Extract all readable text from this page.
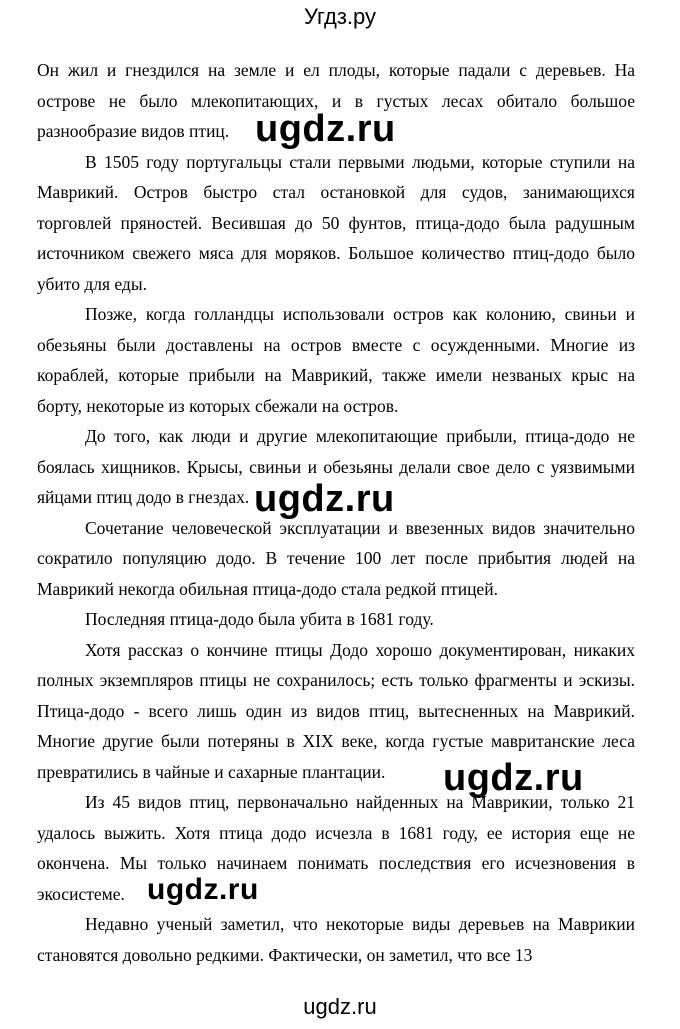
Угдз.ру

Он жил и гнездился на земле и ел плоды, которые падали с деревьев. На острове не было млекопитающих, и в густых лесах обитало большое разнообразие видов птиц.

В 1505 году португальцы стали первыми людьми, которые ступили на Маврикий. Остров быстро стал остановкой для судов, занимающихся торговлей пряностей. Весившая до 50 фунтов, птица-додо была радушным источником свежего мяса для моряков. Большое количество птиц-додо было убито для еды.

Позже, когда голландцы использовали остров как колонию, свиньи и обезьяны были доставлены на остров вместе с осужденными. Многие из кораблей, которые прибыли на Маврикий, также имели незваных крыс на борту, некоторые из которых сбежали на остров.

До того, как люди и другие млекопитающие прибыли, птица-додо не боялась хищников. Крысы, свиньи и обезьяны делали свое дело с уязвимыми яйцами птиц додо в гнездах.

Сочетание человеческой эксплуатации и ввезенных видов значительно сократило популяцию додо. В течение 100 лет после прибытия людей на Маврикий некогда обильная птица-додо стала редкой птицей.

Последняя птица-додо была убита в 1681 году.

Хотя рассказ о кончине птицы Додо хорошо документирован, никаких полных экземпляров птицы не сохранилось; есть только фрагменты и эскизы. Птица-додо - всего лишь один из видов птиц, вытесненных на Маврикий. Многие другие были потеряны в XIX веке, когда густые мавританские леса превратились в чайные и сахарные плантации.

Из 45 видов птиц, первоначально найденных на Маврикии, только 21 удалось выжить. Хотя птица додо исчезла в 1681 году, ее история еще не окончена. Мы только начинаем понимать последствия его исчезновения в экосистеме.

Недавно ученый заметил, что некоторые виды деревьев на Маврикии становятся довольно редкими. Фактически, он заметил, что все 13

ugdz.ru
ugdz.ru
ugdz.ru
ugdz.ru
ugdz.ru
